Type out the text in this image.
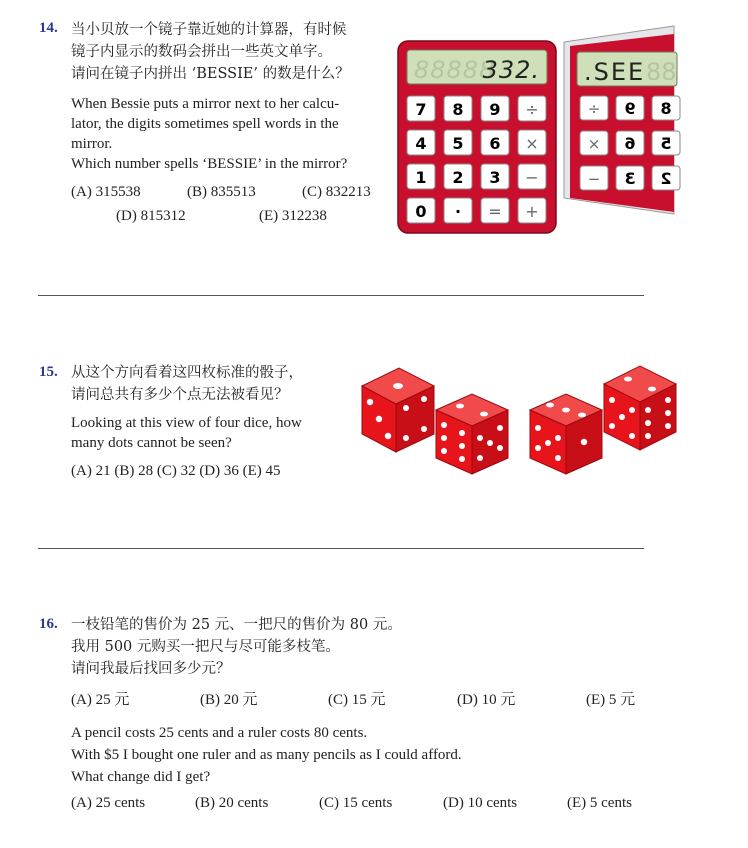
14. 当小贝放一个镜子靠近她的计算器，有时候
镜子内显示的数码会拼出一些英文单字。
请问在镜子内拼出 ‘BESSIE’ 的数是什么？
When Bessie puts a mirror next to her calcu-
lator, the digits sometimes spell words in the
mirror.
Which number spells ‘BESSIE’ in the mirror?
(A) 315538	(B) 835513	(C) 832213
(D) 815312	(E) 312238
88888
332.
7 8 9 ÷
4 5 6 ×
1 2 3 −
0 · = +
.SEE 88
÷ 9 8
× 6 5
− 3 2
15. 从这个方向看着这四枚标准的骰子，
请问总共有多少个点无法被看见？
Looking at this view of four dice, how
many dots cannot be seen?
(A) 21 (B) 28 (C) 32 (D) 36 (E) 45
16. 一枝铅笔的售价为 25 元、一把尺的售价为 80 元。
我用 500 元购买一把尺与尽可能多枝笔。
请问我最后找回多少元？
(A) 25 元	(B) 20 元	(C) 15 元	(D) 10 元	(E) 5 元
A pencil costs 25 cents and a ruler costs 80 cents.
With $5 I bought one ruler and as many pencils as I could afford.
What change did I get?
(A) 25 cents	(B) 20 cents	(C) 15 cents	(D) 10 cents	(E) 5 cents
